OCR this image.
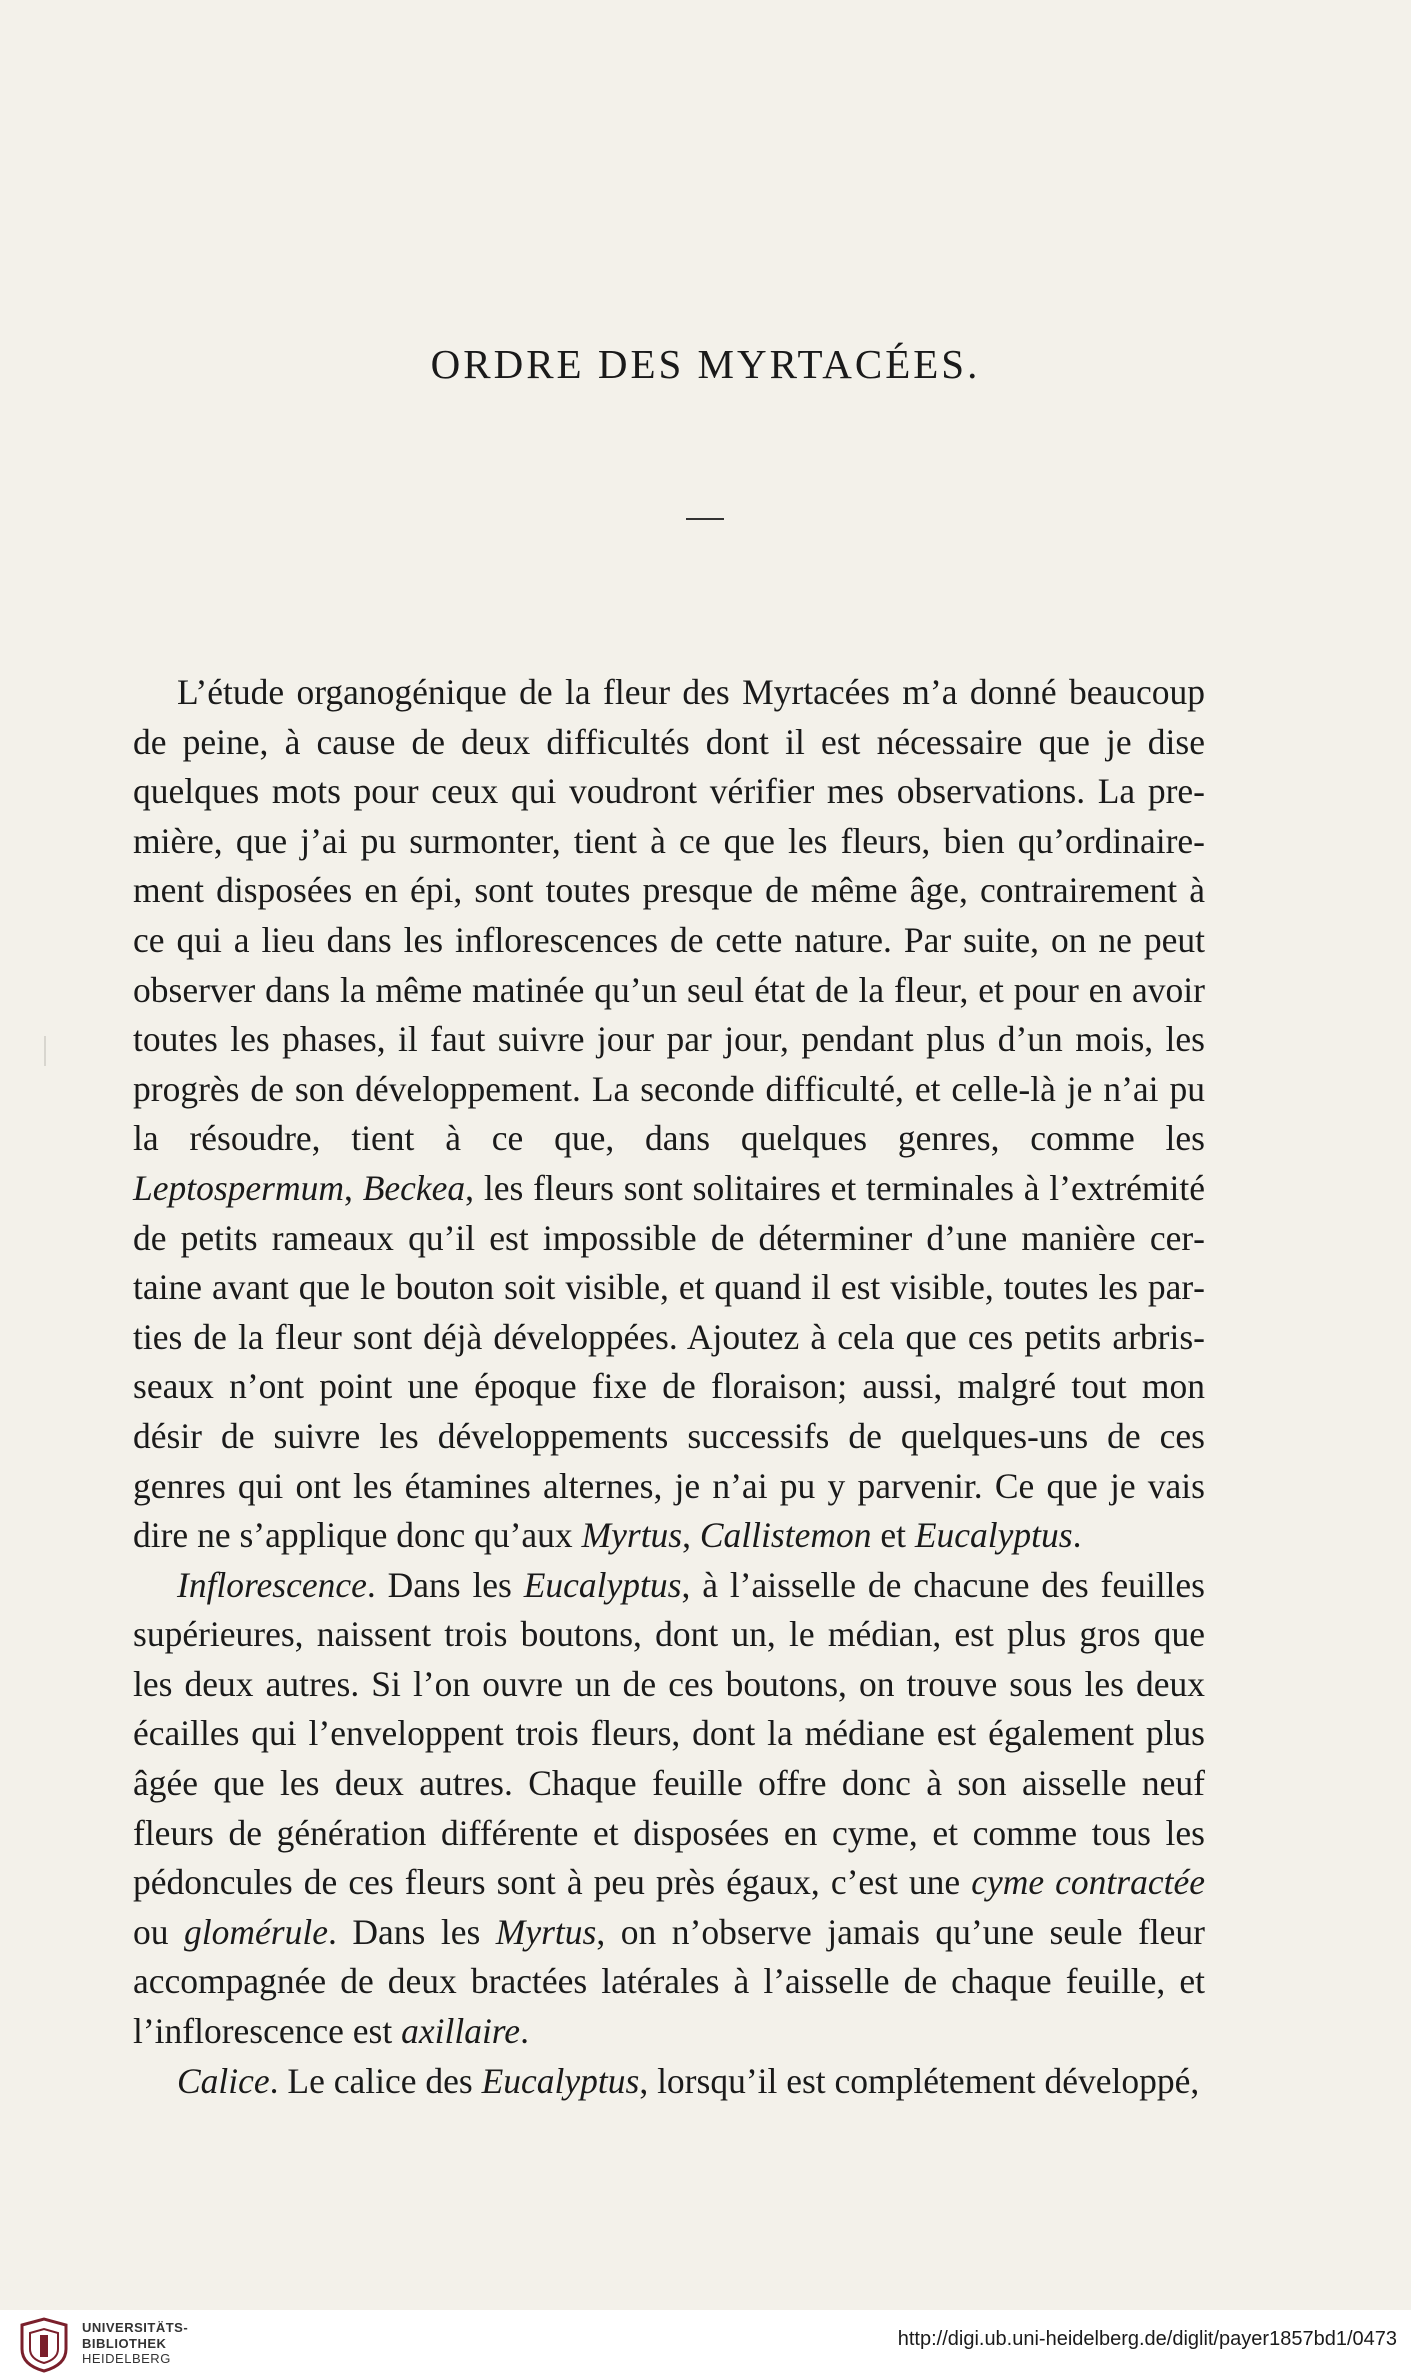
ORDRE DES MYRTACÉES.

L’étude organogénique de la fleur des Myrtacées m’a donné beaucoup de peine, à cause de deux difficultés dont il est nécessaire que je dise quelques mots pour ceux qui voudront vérifier mes observations. La première, que j’ai pu surmonter, tient à ce que les fleurs, bien qu’ordinairement disposées en épi, sont toutes presque de même âge, contrairement à ce qui a lieu dans les inflorescences de cette nature. Par suite, on ne peut observer dans la même matinée qu’un seul état de la fleur, et pour en avoir toutes les phases, il faut suivre jour par jour, pendant plus d’un mois, les progrès de son développement. La seconde difficulté, et celle-là je n’ai pu la résoudre, tient à ce que, dans quelques genres, comme les Leptospermum, Beckea, les fleurs sont solitaires et terminales à l’extrémité de petits rameaux qu’il est impossible de déterminer d’une manière certaine avant que le bouton soit visible, et quand il est visible, toutes les parties de la fleur sont déjà développées. Ajoutez à cela que ces petits arbrisseaux n’ont point une époque fixe de floraison; aussi, malgré tout mon désir de suivre les développements successifs de quelques-uns de ces genres qui ont les étamines alternes, je n’ai pu y parvenir. Ce que je vais dire ne s’applique donc qu’aux Myrtus, Callistemon et Eucalyptus.

Inflorescence. Dans les Eucalyptus, à l’aisselle de chacune des feuilles supérieures, naissent trois boutons, dont un, le médian, est plus gros que les deux autres. Si l’on ouvre un de ces boutons, on trouve sous les deux écailles qui l’enveloppent trois fleurs, dont la médiane est également plus âgée que les deux autres. Chaque feuille offre donc à son aisselle neuf fleurs de génération différente et disposées en cyme, et comme tous les pédoncules de ces fleurs sont à peu près égaux, c’est une cyme contractée ou glomérule. Dans les Myrtus, on n’observe jamais qu’une seule fleur accompagnée de deux bractées latérales à l’aisselle de chaque feuille, et l’inflorescence est axillaire.

Calice. Le calice des Eucalyptus, lorsqu’il est complétement développé,

UNIVERSITÄTS-
BIBLIOTHEK
HEIDELBERG
http://digi.ub.uni-heidelberg.de/diglit/payer1857bd1/0473
